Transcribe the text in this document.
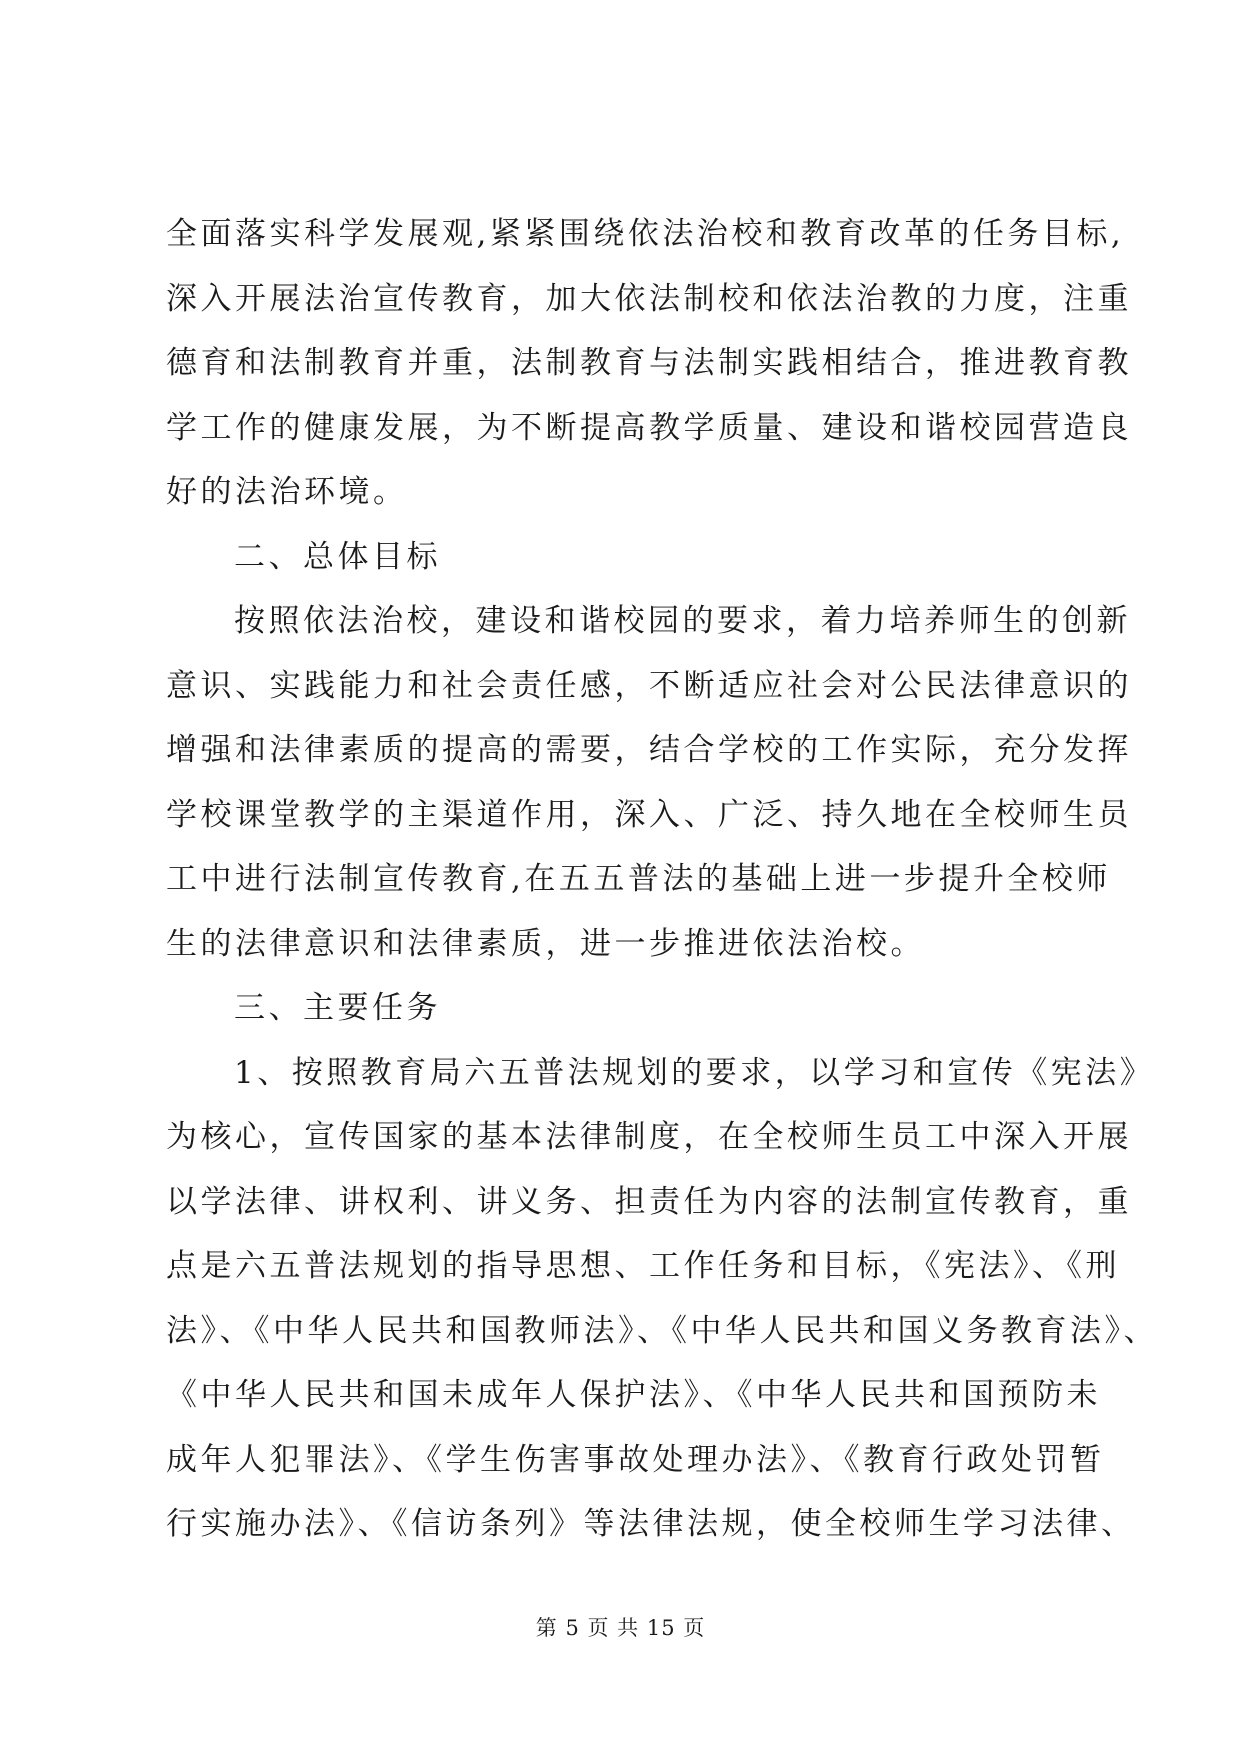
全面落实科学发展观,紧紧围绕依法治校和教育改革的任务目标,
深入开展法治宣传教育，加大依法制校和依法治教的力度，注重
德育和法制教育并重，法制教育与法制实践相结合，推进教育教
学工作的健康发展，为不断提高教学质量、建设和谐校园营造良
好的法治环境。
二、总体目标
按照依法治校，建设和谐校园的要求，着力培养师生的创新
意识、实践能力和社会责任感，不断适应社会对公民法律意识的
增强和法律素质的提高的需要，结合学校的工作实际，充分发挥
学校课堂教学的主渠道作用，深入、广泛、持久地在全校师生员
工中进行法制宣传教育,在五五普法的基础上进一步提升全校师
生的法律意识和法律素质，进一步推进依法治校。
三、主要任务
1、按照教育局六五普法规划的要求，以学习和宣传《宪法》
为核心，宣传国家的基本法律制度，在全校师生员工中深入开展
以学法律、讲权利、讲义务、担责任为内容的法制宣传教育，重
点是六五普法规划的指导思想、工作任务和目标，《宪法》、《刑
法》、《中华人民共和国教师法》、《中华人民共和国义务教育法》、
《中华人民共和国未成年人保护法》、《中华人民共和国预防未
成年人犯罪法》、《学生伤害事故处理办法》、《教育行政处罚暂
行实施办法》、《信访条列》等法律法规，使全校师生学习法律、
第 5 页 共 15 页
